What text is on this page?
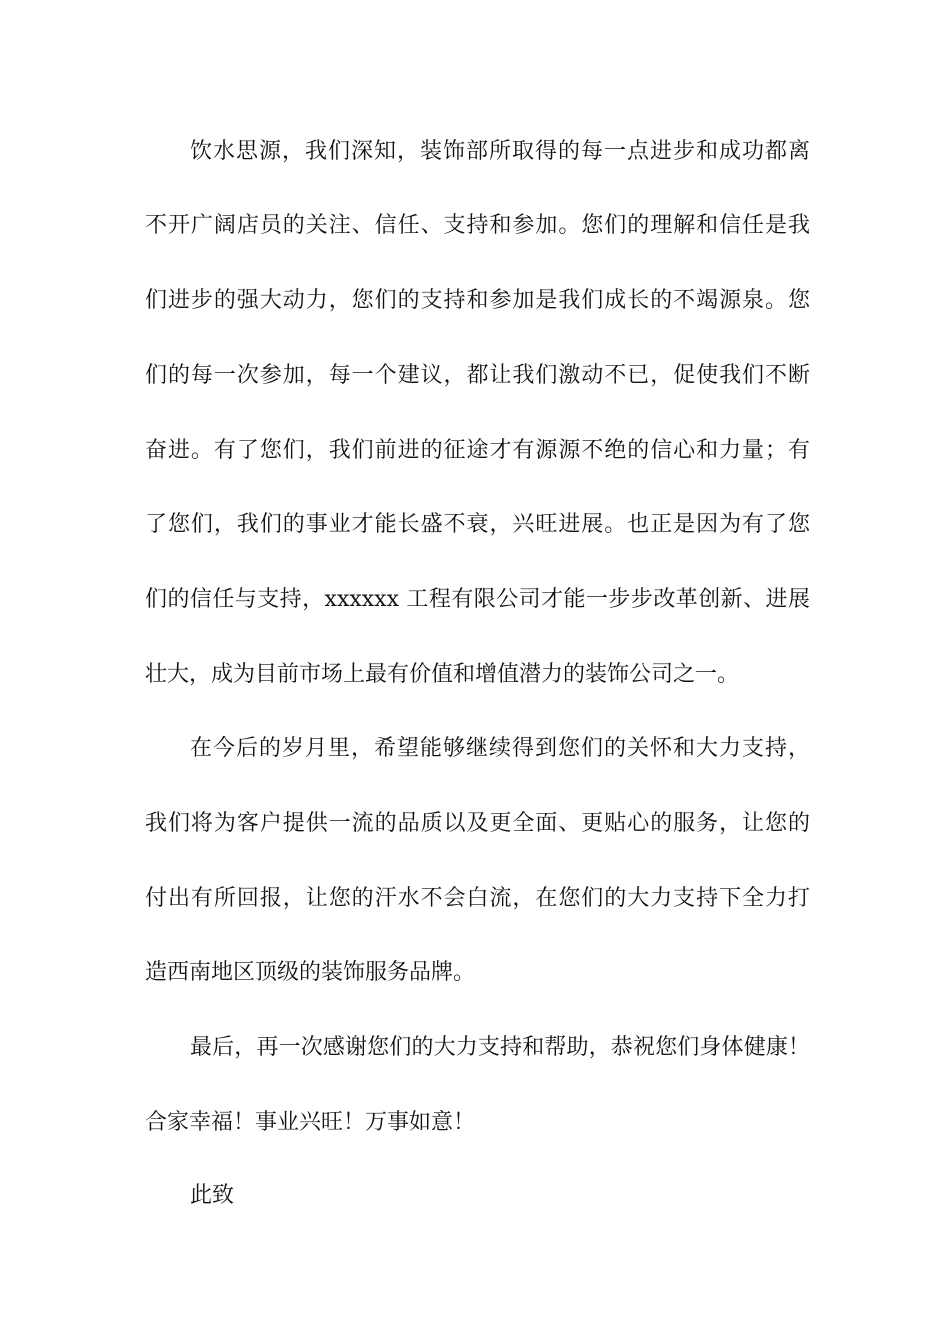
饮水思源，我们深知，装饰部所取得的每一点进步和成功都离
不开广阔店员的关注、信任、支持和参加。您们的理解和信任是我
们进步的强大动力，您们的支持和参加是我们成长的不竭源泉。您
们的每一次参加，每一个建议，都让我们激动不已，促使我们不断
奋进。有了您们，我们前进的征途才有源源不绝的信心和力量；有
了您们，我们的事业才能长盛不衰，兴旺进展。也正是因为有了您
们的信任与支持，xxxxxx 工程有限公司才能一步步改革创新、进展
壮大，成为目前市场上最有价值和增值潜力的装饰公司之一。
在今后的岁月里，希望能够继续得到您们的关怀和大力支持，
我们将为客户提供一流的品质以及更全面、更贴心的服务，让您的
付出有所回报，让您的汗水不会白流，在您们的大力支持下全力打
造西南地区顶级的装饰服务品牌。
最后，再一次感谢您们的大力支持和帮助，恭祝您们身体健康！
合家幸福！事业兴旺！万事如意！
此致
